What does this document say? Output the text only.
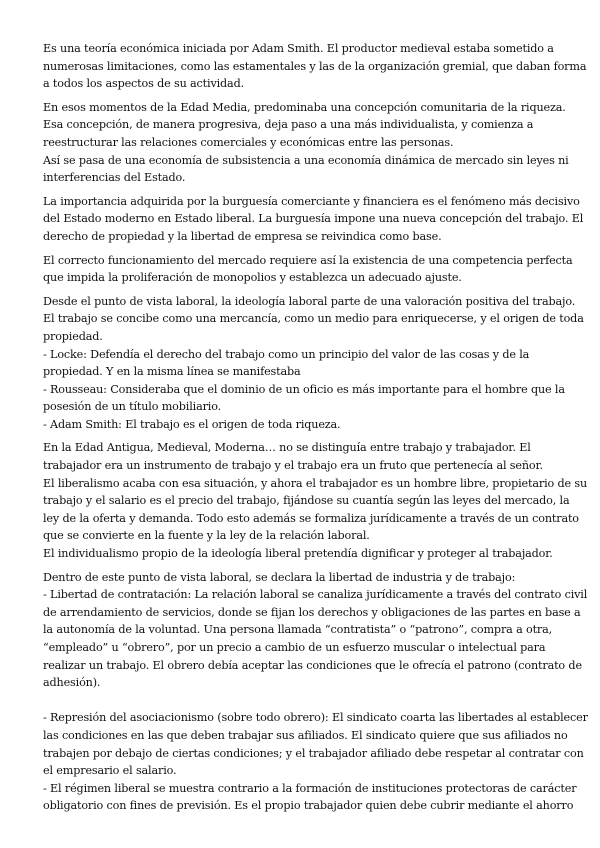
Es una teoría económica iniciada por Adam Smith. El productor medieval estaba sometido a
numerosas limitaciones, como las estamentales y las de la organización gremial, que daban forma
a todos los aspectos de su actividad.
En esos momentos de la Edad Media, predominaba una concepción comunitaria de la riqueza.
Esa concepción, de manera progresiva, deja paso a una más individualista, y comienza a
reestructurar las relaciones comerciales y económicas entre las personas.
Así se pasa de una economía de subsistencia a una economía dinámica de mercado sin leyes ni
interferencias del Estado.
La importancia adquirida por la burguesía comerciante y financiera es el fenómeno más decisivo
del Estado moderno en Estado liberal. La burguesía impone una nueva concepción del trabajo. El
derecho de propiedad y la libertad de empresa se reivindica como base.
El correcto funcionamiento del mercado requiere así la existencia de una competencia perfecta
que impida la proliferación de monopolios y establezca un adecuado ajuste.
Desde el punto de vista laboral, la ideología laboral parte de una valoración positiva del trabajo.
El trabajo se concibe como una mercancía, como un medio para enriquecerse, y el origen de toda
propiedad.
- Locke: Defendía el derecho del trabajo como un principio del valor de las cosas y de la
propiedad. Y en la misma línea se manifestaba
- Rousseau: Consideraba que el dominio de un oficio es más importante para el hombre que la
posesión de un título mobiliario.
- Adam Smith: El trabajo es el origen de toda riqueza.
En la Edad Antigua, Medieval, Moderna… no se distinguía entre trabajo y trabajador. El
trabajador era un instrumento de trabajo y el trabajo era un fruto que pertenecía al señor.
El liberalismo acaba con esa situación, y ahora el trabajador es un hombre libre, propietario de su
trabajo y el salario es el precio del trabajo, fijándose su cuantía según las leyes del mercado, la
ley de la oferta y demanda. Todo esto además se formaliza jurídicamente a través de un contrato
que se convierte en la fuente y la ley de la relación laboral.
El individualismo propio de la ideología liberal pretendía dignificar y proteger al trabajador.
Dentro de este punto de vista laboral, se declara la libertad de industria y de trabajo:
- Libertad de contratación: La relación laboral se canaliza jurídicamente a través del contrato civil
de arrendamiento de servicios, donde se fijan los derechos y obligaciones de las partes en base a
la autonomía de la voluntad. Una persona llamada “contratista” o “patrono”, compra a otra,
“empleado” u “obrero”, por un precio a cambio de un esfuerzo muscular o intelectual para
realizar un trabajo. El obrero debía aceptar las condiciones que le ofrecía el patrono (contrato de
adhesión).
- Represión del asociacionismo (sobre todo obrero): El sindicato coarta las libertades al establecer
las condiciones en las que deben trabajar sus afiliados. El sindicato quiere que sus afiliados no
trabajen por debajo de ciertas condiciones; y el trabajador afiliado debe respetar al contratar con
el empresario el salario.
- El régimen liberal se muestra contrario a la formación de instituciones protectoras de carácter
obligatorio con fines de previsión. Es el propio trabajador quien debe cubrir mediante el ahorro
